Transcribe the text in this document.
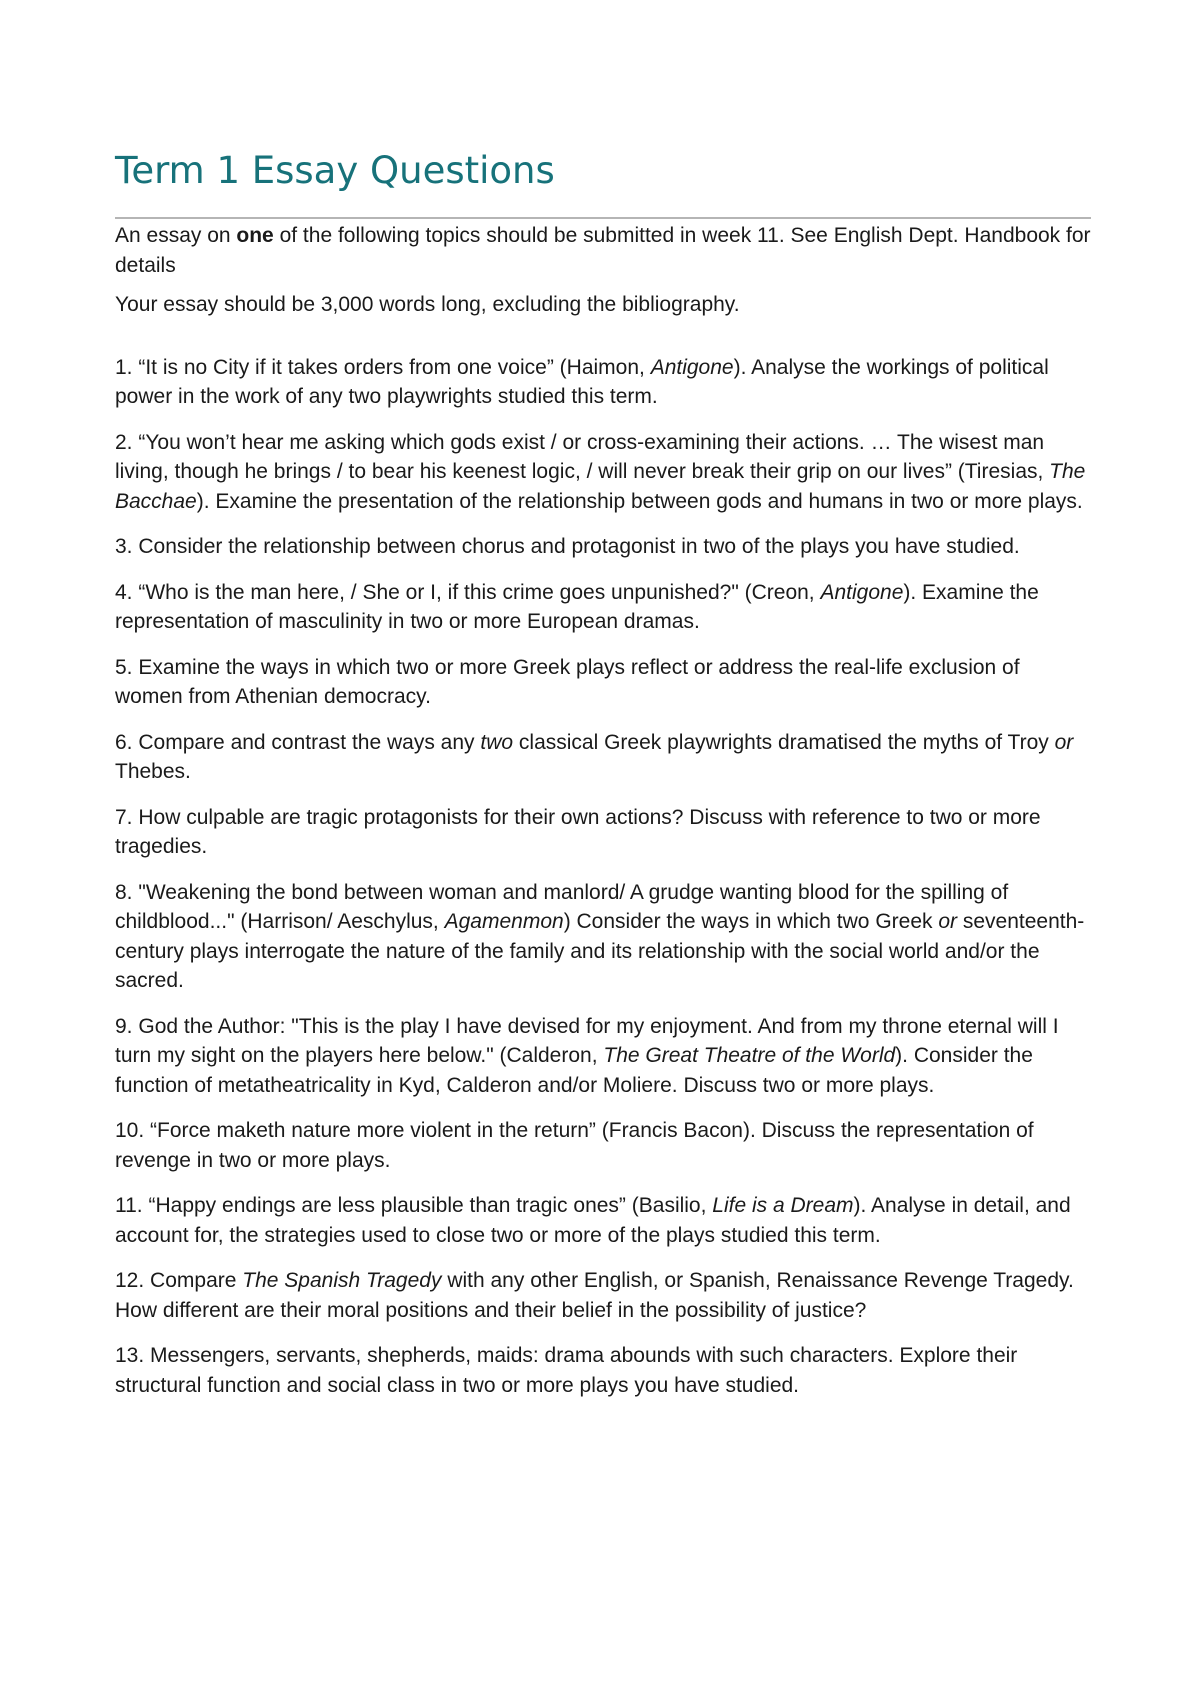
Term 1 Essay Questions

An essay on one of the following topics should be submitted in week 11. See English Dept. Handbook for details

Your essay should be 3,000 words long, excluding the bibliography.

1. “It is no City if it takes orders from one voice” (Haimon, Antigone). Analyse the workings of political power in the work of any two playwrights studied this term.

2. “You won’t hear me asking which gods exist / or cross-examining their actions. … The wisest man living, though he brings / to bear his keenest logic, / will never break their grip on our lives” (Tiresias, The Bacchae). Examine the presentation of the relationship between gods and humans in two or more plays.

3. Consider the relationship between chorus and protagonist in two of the plays you have studied.

4. “Who is the man here, / She or I, if this crime goes unpunished?" (Creon, Antigone). Examine the representation of masculinity in two or more European dramas.

5. Examine the ways in which two or more Greek plays reflect or address the real-life exclusion of women from Athenian democracy.

6. Compare and contrast the ways any two classical Greek playwrights dramatised the myths of Troy or Thebes.

7. How culpable are tragic protagonists for their own actions? Discuss with reference to two or more tragedies.

8. "Weakening the bond between woman and manlord/ A grudge wanting blood for the spilling of childblood..." (Harrison/ Aeschylus, Agamenmon) Consider the ways in which two Greek or seventeenth-century plays interrogate the nature of the family and its relationship with the social world and/or the sacred.

9. God the Author: "This is the play I have devised for my enjoyment. And from my throne eternal will I turn my sight on the players here below." (Calderon, The Great Theatre of the World). Consider the function of metatheatricality in Kyd, Calderon and/or Moliere. Discuss two or more plays.

10. “Force maketh nature more violent in the return” (Francis Bacon). Discuss the representation of revenge in two or more plays.

11. “Happy endings are less plausible than tragic ones” (Basilio, Life is a Dream). Analyse in detail, and account for, the strategies used to close two or more of the plays studied this term.

12. Compare The Spanish Tragedy with any other English, or Spanish, Renaissance Revenge Tragedy. How different are their moral positions and their belief in the possibility of justice?

13. Messengers, servants, shepherds, maids: drama abounds with such characters. Explore their structural function and social class in two or more plays you have studied.
